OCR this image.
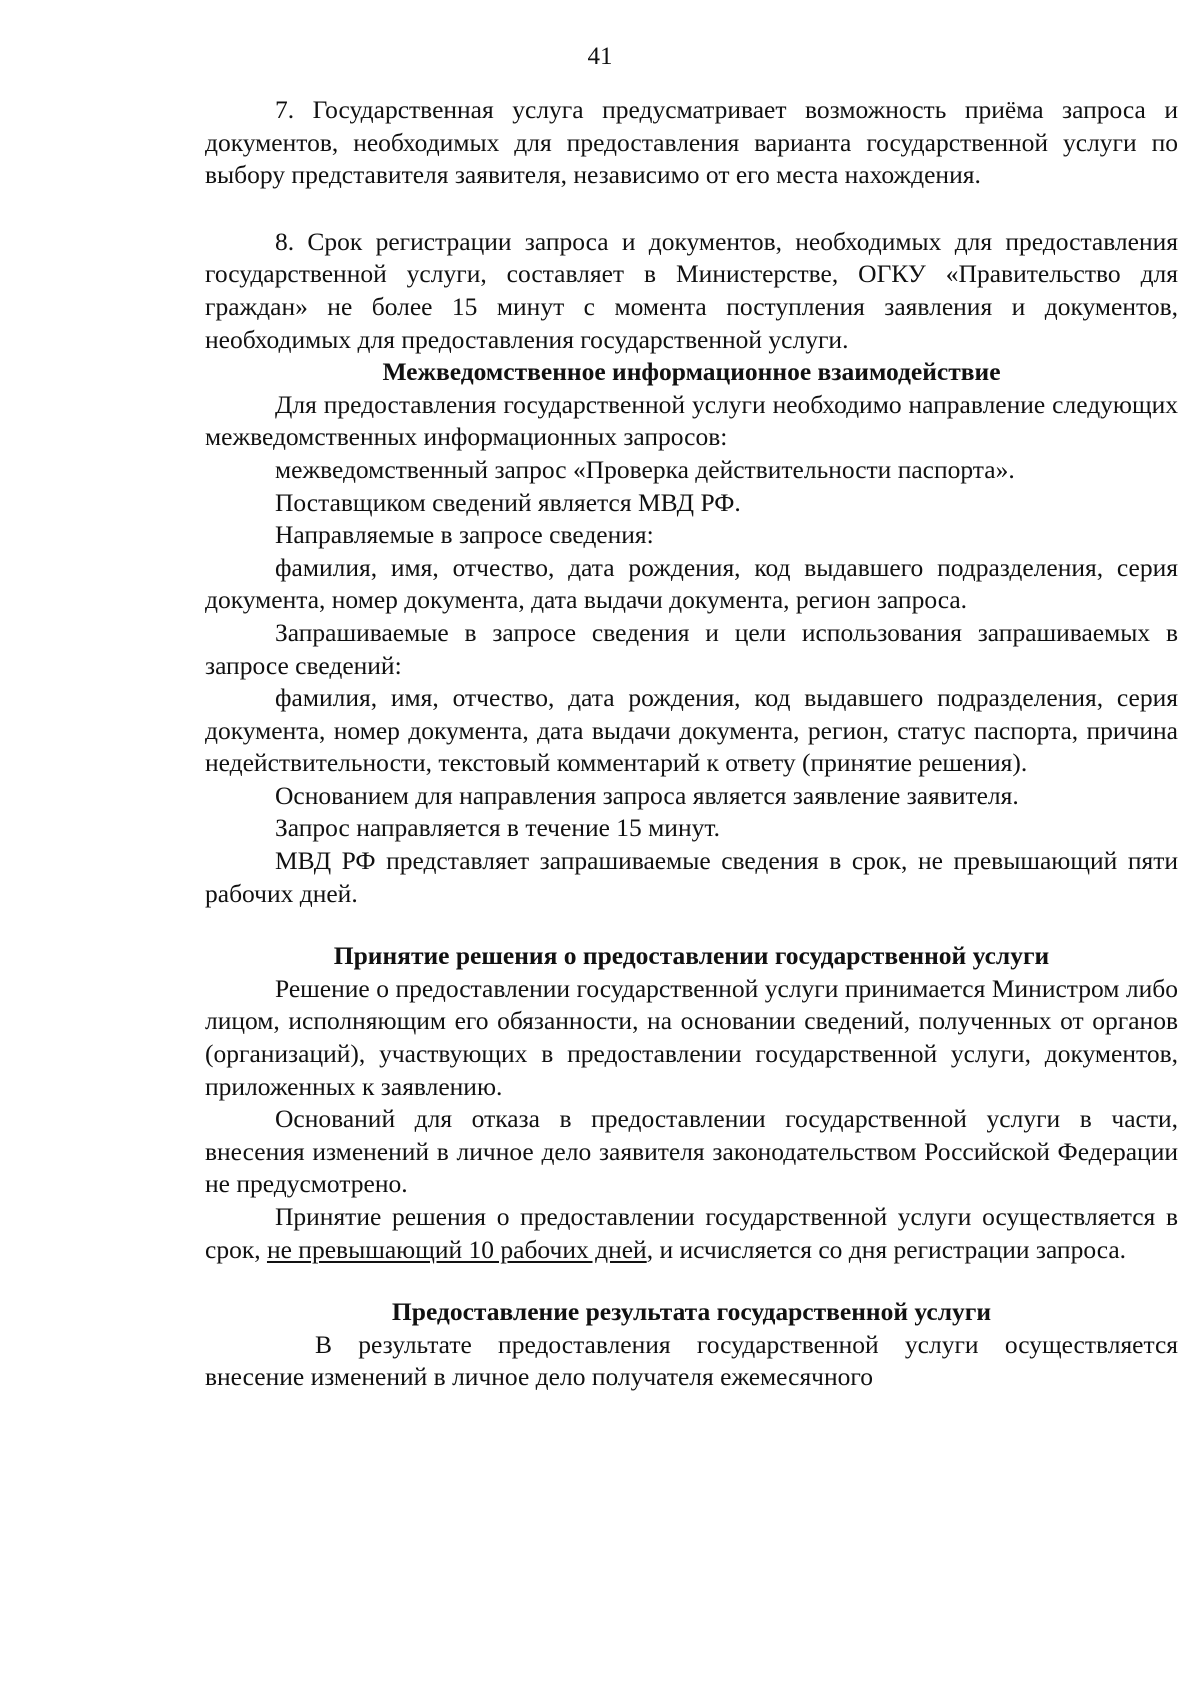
41

7. Государственная услуга предусматривает возможность приёма запроса и документов, необходимых для предоставления варианта государственной услуги по выбору представителя заявителя, независимо от его места нахождения.

8. Срок регистрации запроса и документов, необходимых для предоставления государственной услуги, составляет в Министерстве, ОГКУ «Правительство для граждан» не более 15 минут с момента поступления заявления и документов, необходимых для предоставления государственной услуги.

Межведомственное информационное взаимодействие

Для предоставления государственной услуги необходимо направление следующих межведомственных информационных запросов:

межведомственный запрос «Проверка действительности паспорта».

Поставщиком сведений является МВД РФ.

Направляемые в запросе сведения:

фамилия, имя, отчество, дата рождения, код выдавшего подразделения, серия документа, номер документа, дата выдачи документа, регион запроса.

Запрашиваемые в запросе сведения и цели использования запрашиваемых в запросе сведений:

фамилия, имя, отчество, дата рождения, код выдавшего подразделения, серия документа, номер документа, дата выдачи документа, регион, статус паспорта, причина недействительности, текстовый комментарий к ответу (принятие решения).

Основанием для направления запроса является заявление заявителя.

Запрос направляется в течение 15 минут.

МВД РФ представляет запрашиваемые сведения в срок, не превышающий пяти рабочих дней.

Принятие решения о предоставлении государственной услуги

Решение о предоставлении государственной услуги принимается Министром либо лицом, исполняющим его обязанности, на основании сведений, полученных от органов (организаций), участвующих в предоставлении государственной услуги, документов, приложенных к заявлению.

Оснований для отказа в предоставлении государственной услуги в части, внесения изменений в личное дело заявителя законодательством Российской Федерации не предусмотрено.

Принятие решения о предоставлении государственной услуги осуществляется в срок, не превышающий 10 рабочих дней, и исчисляется со дня регистрации запроса.

Предоставление результата государственной услуги

В результате предоставления государственной услуги осуществляется внесение изменений в личное дело получателя ежемесячного
